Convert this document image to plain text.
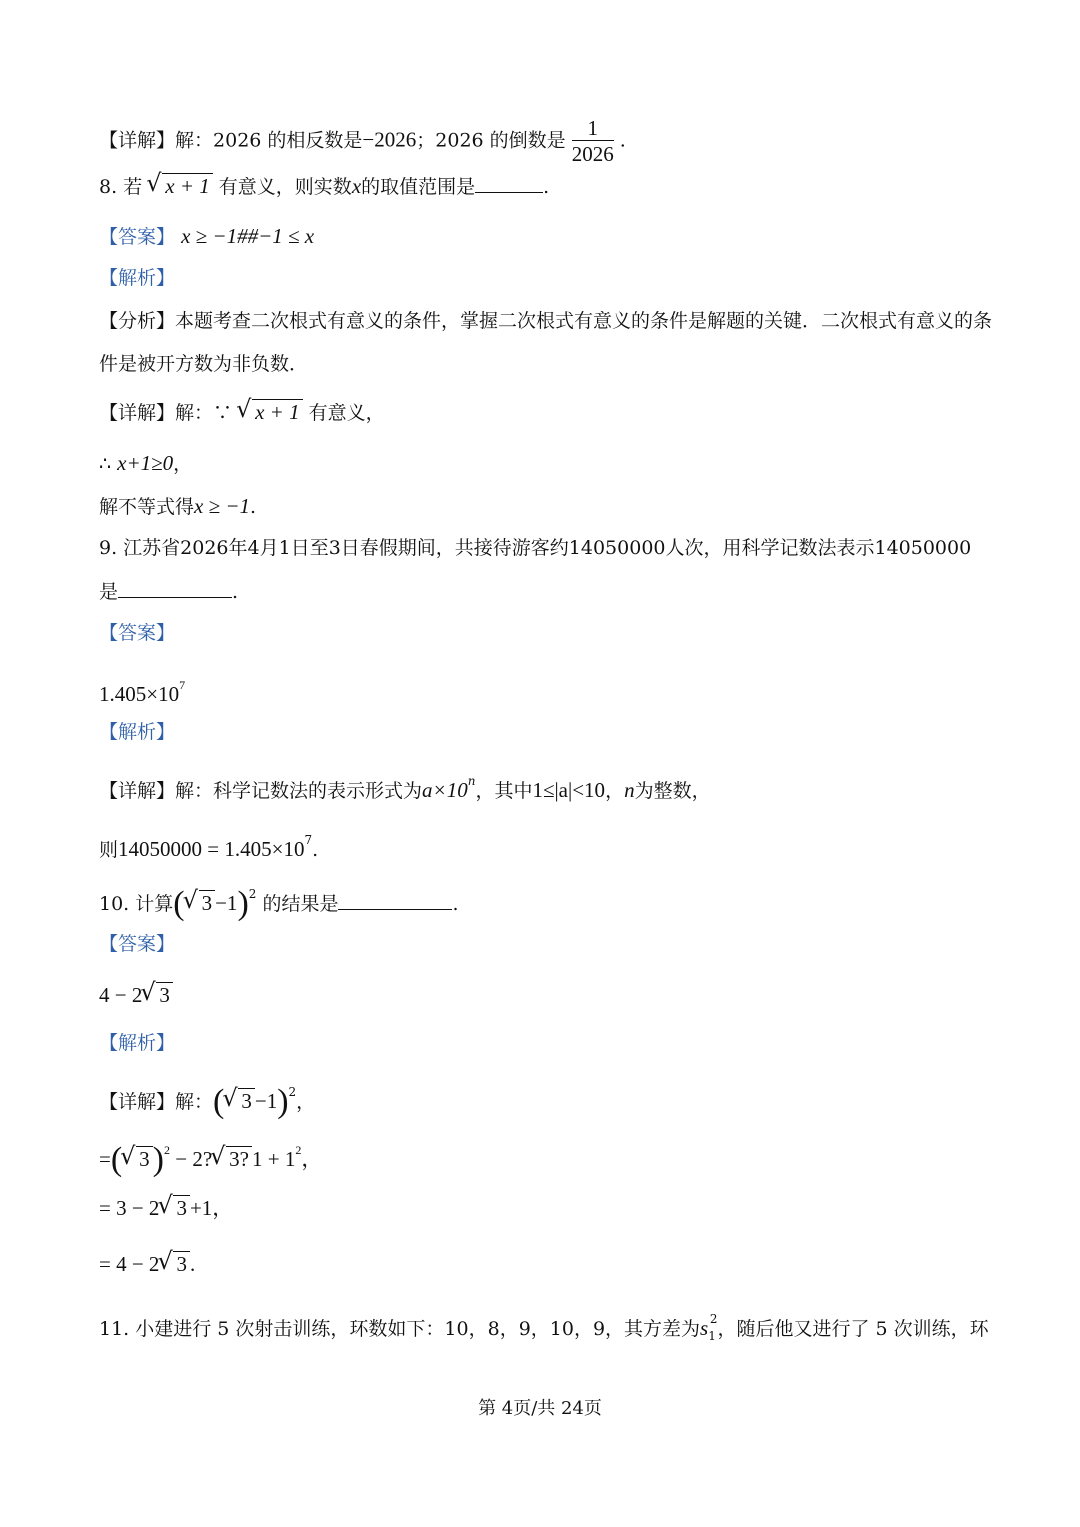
【详解】解：2026 的相反数是−2026；2026 的倒数是 $\frac{1}{2026}$ .
8. 若 √ x + 1 有意义，则实数x的取值范围是	.
【答案】 x ≥ −1##−1 ≤ x
【解析】
【分析】本题考查二次根式有意义的条件，掌握二次根式有意义的条件是解题的关键．二次根式有意义的条
件是被开方数为非负数．
【详解】解：∵ √ x + 1 有意义，
∴ x+1≥0，
解不等式得x ≥ −1.
9. 江苏省2026年4月1日至3日春假期间，共接待游客约14050000人次，用科学记数法表示14050000
是	.
【答案】
$1.405\times 10^7$
【解析】
【详解】解：科学记数法的表示形式为$a\times 10^n$，其中1≤|a|<10，n为整数，
则$14050000 = 1.405\times 10^7$.
10. 计算( √ 3 −1)$^2$ 的结果是	.
【答案】
4 − 2 √ 3
【解析】
【详解】解：( √ 3 −1)$^2$，
=( √ 3)$^2$ − 2? √ 3? $1 + 1^2$，
= 3 − 2 √ 3 +1，
= 4 − 2 √ 3 .
11. 小建进行 5 次射击训练，环数如下：10，8，9，10，9，其方差为$s_1^2$，随后他又进行了 5 次训练，环
第 4页/共 24页
